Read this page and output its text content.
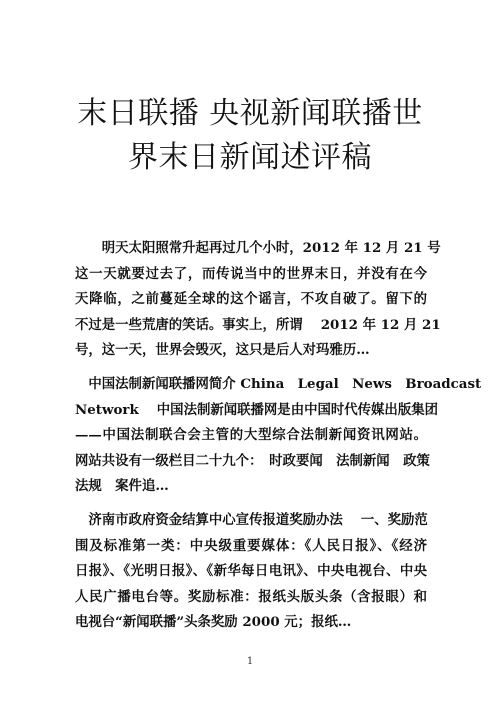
末日联播 央视新闻联播世
界末日新闻述评稿
　　明天太阳照常升起再过几个小时，2012 年 12 月 21 号
这一天就要过去了，而传说当中的世界末日，并没有在今
天降临，之前蔓延全球的这个谣言，不攻自破了。留下的
不过是一些荒唐的笑话。事实上，所谓　 2012 年 12 月 21
号，这一天，世界会毁灭，这只是后人对玛雅历…
　中国法制新闻联播网简介 China　Legal　News　Broadcast
Network　 中国法制新闻联播网是由中国时代传媒出版集团
——中国法制联合会主管的大型综合法制新闻资讯网站。
网站共设有一级栏目二十九个：　时政要闻　法制新闻　政策
法规　案件追…
　济南市政府资金结算中心宣传报道奖励办法　 一、奖励范
围及标准第一类：中央级重要媒体：《人民日报》、《经济
日报》、《光明日报》、《新华每日电讯》、中央电视台、中央
人民广播电台等。奖励标准：报纸头版头条（含报眼）和
电视台“新闻联播”头条奖励 2000 元；报纸…
1
